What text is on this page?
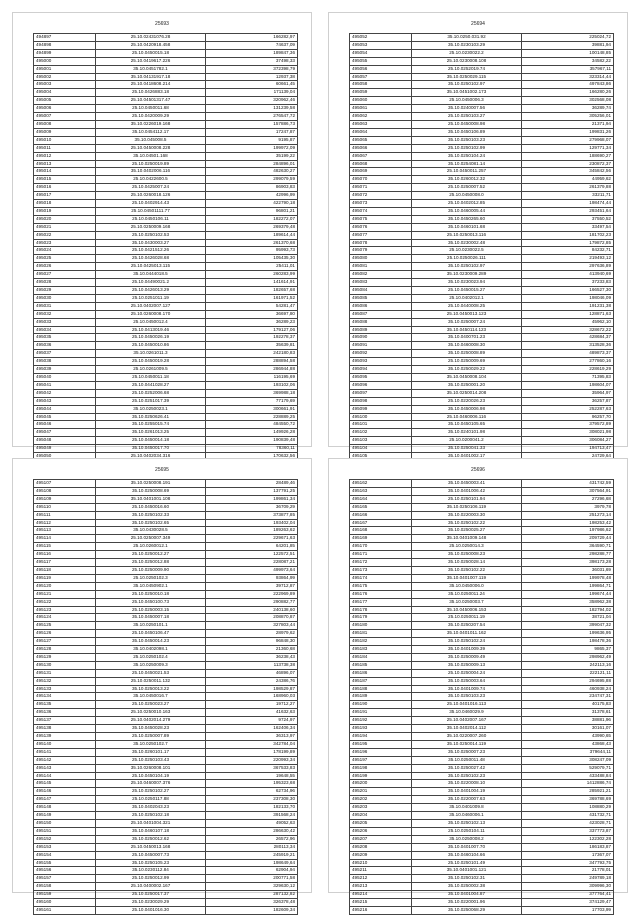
25693
494897	25.10.02431076.28	166282,97
494898	25.10.0420918.458	74637,09
494899	25.10.0450015.18	189847,36
495000	25.10.0419617.226	37498,33
495001	35.10.0451782.1	372398,79
495002	35.10.04131917.18	12937,38
495003	25.10.0418608.214	60661,45
495004	25.10.0426883.18	171139,04
495005	25.10.04501317.47	320962,46
495006	25.10.0450011.68	131239,58
495007	25.10.0420009.29	276547,72
495008	35.10.0226019.168	157886,73
495009	35.10.0454112.17	17247,87
495010	35.10.045008.5	9195,87
495011	25.10.0450008.228	199972,09
495012	35.10.04501.168	35199,22
495013	25.10.0250019.89	284896,01
495014	35.10.0402006.116	482630,27
495015	25.10.0422600.5	299079,59
495016	25.10.0425007.24	86903,83
495017	25.10.0260018.126	42996,99
495018	25.10.0402914.43	422790,18
495019	25.10.04501111.77	96801,21
495020	25.10.0450106.11	182272,07
495021	25.10.0250009.168	269379,48
495022	25.10.0250102.53	189614,44
495023	35.10.0430003.27	261370,68
495024	25.10.0421512.26	95993,73
495025	25.10.0426028.68	105435,30
495026	25.10.0425013.115	25411,01
495027	35.10.0444018.5	260283,99
495028	25.10.04490021.2	141614,91
495029	25.10.0426013.29	182657,68
495030	25.10.0251011.19	161971,52
495031	25.10.0402007.127	54281,47
495032	25.10.0260008.170	36697,80
495033	25.10.0450012.4	36289,23
495034	25.10.0413019.46	179127,06
495035	25.10.0450026.19	192278,37
495036	25.10.0450010.86	35639,81
495037	35.10.0261011.3	242180,83
495038	25.10.0450019.28	288894,58
495039	25.10.0261009.5	286944,88
495040	25.10.0450011.18	116195,69
495041	25.10.0441028.27	193102,06
495042	25.10.0252006.68	369988,18
495043	25.10.0251017.39	77179,69
495044	35.10.0250023.1	300661,91
495045	35.10.0250626.41	228889,25
495046	35.10.0255015.74	484550,72
495047	35.10.0261013.25	149926,28
495048	25.10.0450014.18	190839,48
495049	35.10.0450017.70	78360,11
495050	25.10.0402034.316	170632,56

25694
495052	35.10.0250.031.92	225024,72
495053	35.10.0230103.29	39881,94
495054	25.10.0230022.2	100148,85
495055	25.10.0230008.108	34582,22
495056	25.10.0252019.74	357967,11
495057	35.10.0250029.115	323314,44
495058	35.10.0250102.97	497843,86
495059	35.10.0451002.173	166280,26
495060	25.10.0450006.3	302568,08
495061	35.10.0240007.56	36289,74
495062	25.10.0250103.27	305256,01
495063	25.10.0450008.98	21371,94
495064	35.10.0450106.89	199831,26
495065	35.10.0250103.23	279968,07
495066	25.10.0250102.99	129771,34
495067	35.10.0250104.24	188690,27
495068	35.10.0254081.14	230872,37
495069	25.10.0450011.257	345842,56
495070	35.10.0260012.32	44959,62
495071	25.10.0250007.52	261379,88
495072	25.10.0450008.0	33211,71
495073	25.10.0402012.85	198474,44
495074	35.10.0460005.44	293451,64
495075	35.10.0450265.60	37550,52
495076	35.10.0460101.68	33497,54
495077	25.10.0250013.116	181702,23
495078	35.10.0230002.48	179872,85
495079	25.10.0230022.5	84232,71
495080	25.10.0250026.111	219493,12
495081	35.10.0250102.97	297636,89
495082	35.10.0230009.289	413940,69
495083	35.10.0230023.94	37233,83
495084	25.10.0450015.27	166527,30
495085	25.10.0402012.1	198046,09
495086	25.10.0440008.25	191231,38
495087	25.10.0450013.123	128871,63
495088	35.10.0250007.24	45962,10
495089	35.10.0450114.123	328672,22
495090	35.10.0400701.23	428684,37
495091	35.10.0460008.30	313528,36
495092	35.10.0250008.89	489873,37
495093	25.10.0250009.69	277860,16
495094	35.10.0250029.22	228619,29
495095	35.10.0450008.104	71395,83
495096	35.10.0250001.20	198604,07
495097	35.10.0250014.208	35964,97
495098	25.10.0220026.23	36257,87
495099	35.10.0450006.98	252287,63
495100	25.10.0460006.116	96257,70
495101	35.10.0450105.65	379572,89
495102	35.10.0240101.98	308021,98
495103	25.10.0200041.2	306084,27
495104	35.10.0250041.33	194713,47
495105	35.10.0401002.17	24729,64

25695
495107	35.10.0250008.191	28489,46
495108	35.10.0250008.69	137791,25
495109	35.10.0401001.108	199861,34
495110	25.10.0450016.60	36709,29
495111	35.10.0250102.33	373877,85
495112	35.10.0250102.65	193402,04
495113	35.10.0430028.5	189263,62
495114	25.10.0250007.349	229671,63
495115	25.10.0260012.1	64201,85
495116	25.10.0250012.27	122572,51
495117	25.10.0250012.88	228087,21
495118	25.10.0250009.90	499973,64
495119	25.10.0250102.3	93864,99
495120	35.10.0450902.1	39712,87
495121	25.10.0250010.18	222969,89
495122	25.10.0450100.73	290882,77
495123	25.10.0250003.15	240138,60
495124	35.10.0450007.18	208870,87
495125	35.10.0250101.1	327803,44
495126	25.10.0450106.47	28979,62
495127	35.10.0450014.23	96848,30
495128	35.10.0402098.1	21360,68
495129	25.10.0250102.4	36238,43
495130	35.10.0250009.3	113738,38
495131	25.10.0450021.53	46896,07
495132	25.10.0250011.132	24386,76
495133	35.10.0250013.22	198529,87
495134	35.10.0450016.7	168960,03
495135	25.10.0250023.27	19712,27
495136	25.10.0250010.163	41632,63
495137	25.10.0402014.279	9724,97
495138	35.10.0450028.23	162406,34
495139	25.10.0250007.89	36313,97
495140	35.10.0250102.7	342784,04
495141	35.10.0260101.17	178199,89
495142	25.10.0250103.43	220993,34
495143	35.10.0260008.101	367533,83
495144	25.10.0450104.19	19648,55
495145	25.10.0460007.376	195323,68
495146	25.10.0250102.27	62734,96
495147	25.10.0250117.88	237308,30
495148	35.10.0402043.23	182133,70
495149	25.10.0250102.18	391568,24
495150	25.10.0401004.321	49052,63
495151	35.10.0460107.18	286630,42
495152	35.10.0250012.62	26572,96
495153	25.10.0450013.168	280113,34
495154	25.10.0450007.73	245919,21
495155	35.10.0250105.23	198649,64
495156	35.10.0230112.84	62904,94
495157	25.10.0250012.99	200771,58
495158	25.10.0400002.167	329630,12
495159	25.10.0250017.37	287132,82
495160	25.10.0230029.29	326378,48
495161	25.10.0401016.30	182609,34
25696
495162	35.10.0450003.41	431742,59
495163	35.10.0401006.42	307564,91
495164	25.10.0250101.94	27296,68
495165	35.10.0250106.119	3979,78
495166	35.10.0220003.30	251273,14
495167	35.10.0250102.22	198253,42
495168	35.10.0250025.27	197986,62
495169	35.10.0401009.148	209729,44
495170	25.10.0250014.3	364590,71
495171	35.10.0250008.23	298288,77
495172	35.10.0250028.14	398173,28
495173	35.10.0250102.22	36031,69
495174	35.10.0401007.119	199978,48
495175	35.10.0450006.0	199864,71
495176	35.10.0250011.24	199674,44
495177	35.10.0250003.7	358962,38
495178	35.10.0450006.153	182794,02
495179	25.10.0250011.19	38721,04
495180	35.10.0250207.54	399047,32
495181	35.10.0401011.162	199636,95
495182	35.10.0250102.24	198478,36
495183	35.10.0401009.39	9865,37
495184	35.10.0250009.49	298962,49
495185	35.10.0250009.13	242113,16
495186	25.10.0250004.24	222121,11
495187	35.10.0250003.64	294695,88
495188	35.10.0401009.74	460938,24
495189	35.10.0250103.23	234747,31
495190	25.10.0401016.113	40175,83
495191	35.10.0460029.9	31378,61
495192	25.10.0402007.167	38881,96
495193	35.10.0402014.112	30161,07
495194	35.10.0220007.260	43990,65
495195	35.10.0250014.119	43868,43
495196	35.10.0250007.23	379644,11
495197	35.10.0250011.48	308247,09
495198	35.10.0250027.42	529079,71
495199	35.10.0250102.23	433488,84
495200	35.10.0220008.10	1412886,74
495201	35.10.0401004.19	285921,21
495202	35.10.0220007.63	369788,69
495203	35.10.0401009.8	108880,29
495204	35.10.0460006.1	431732,71
495205	35.10.0250102.13	423028,71
495206	25.10.0250104.11	337773,87
495207	35.10.0250008.2	122302,28
495208	35.10.0401007.70	186183,87
495209	35.10.0460104.66	17367,07
495210	25.10.0250101.49	347793,75
495211	35.10.0401001.121	21778,01
495212	35.10.0250102.31	249789,18
495213	35.10.0250002.38	309996,30
495214	35.10.0401004.87	377764,41
495215	35.10.0220001.96	374129,47
495216	35.10.0250068.29	17703,99
